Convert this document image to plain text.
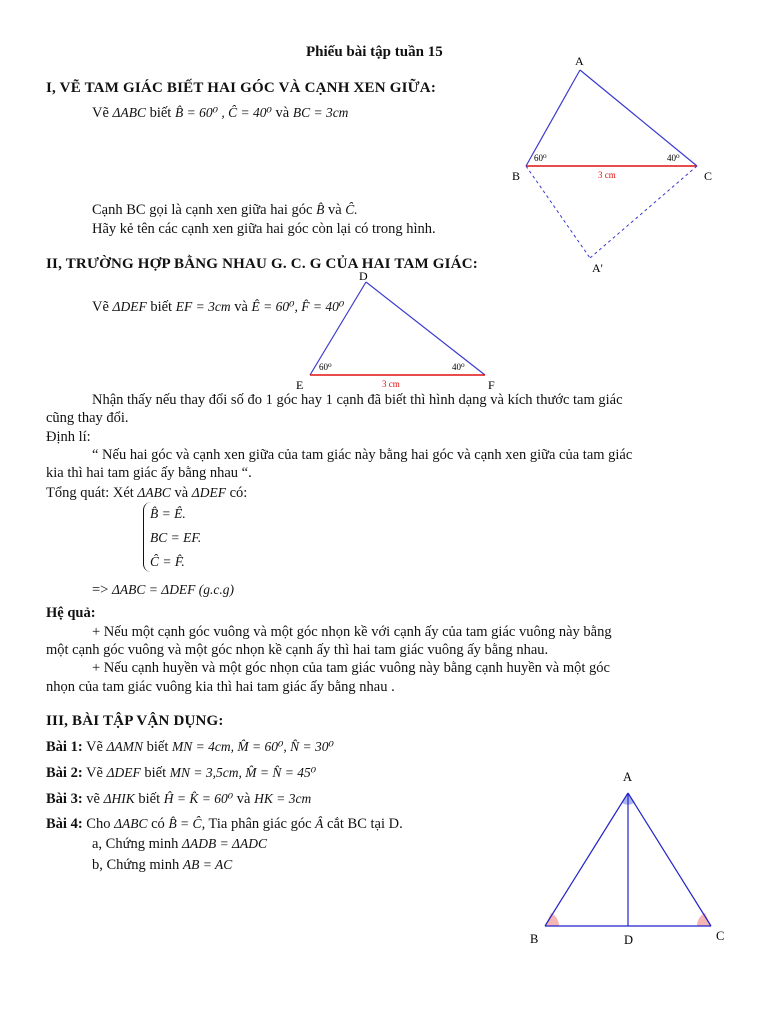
Phiếu bài tập tuần 15
I, VẼ TAM GIÁC BIẾT HAI GÓC VÀ CẠNH XEN GIỮA:
Vẽ ΔABC biết B̂ = 60⁰ , Ĉ = 40⁰ và BC = 3cm
Cạnh BC gọi là cạnh xen giữa hai góc B̂ và Ĉ.
Hãy kẻ tên các cạnh xen giữa hai góc còn lại có trong hình.
A
B	C
A'
60⁰	40⁰
3 cm
II, TRƯỜNG HỢP BẰNG NHAU G. C. G CỦA HAI TAM GIÁC:
Vẽ ΔDEF biết EF = 3cm và Ê = 60⁰, F̂ = 40⁰
D
E	F
60⁰	40⁰
3 cm
Nhận thấy nếu thay đổi số đo 1 góc hay 1 cạnh đã biết thì hình dạng và kích thước tam giác
cũng thay đổi.
Định lí:
“ Nếu hai góc và cạnh xen giữa của tam giác này bằng hai góc và cạnh xen giữa của tam giác
kia thì hai tam giác ấy bằng nhau “.
Tổng quát: Xét ΔABC và ΔDEF có:
B̂ = Ê.
BC = EF.
Ĉ = F̂.
=> ΔABC = ΔDEF (g.c.g)
Hệ quả:
+ Nếu một cạnh góc vuông và một góc nhọn kề với cạnh ấy của tam giác vuông này bằng
một cạnh góc vuông và một góc nhọn kề cạnh ấy thì hai tam giác vuông ấy bằng nhau.
+ Nếu cạnh huyền và một góc nhọn của tam giác vuông này bằng cạnh huyền và một góc
nhọn của tam giác vuông kia thì hai tam giác ấy bằng nhau .
III, BÀI TẬP VẬN DỤNG:
Bài 1: Vẽ ΔAMN biết MN = 4cm, M̂ = 60⁰, N̂ = 30⁰
Bài 2: Vẽ ΔDEF biết MN = 3,5cm, M̂ = N̂ = 45⁰
Bài 3: vẽ ΔHIK biết Ĥ = K̂ = 60⁰ và HK = 3cm
Bài 4: Cho ΔABC có B̂ = Ĉ, Tia phân giác góc Â cắt BC tại D.
a, Chứng minh ΔADB = ΔADC
b, Chứng minh AB = AC
A
B	C
D
